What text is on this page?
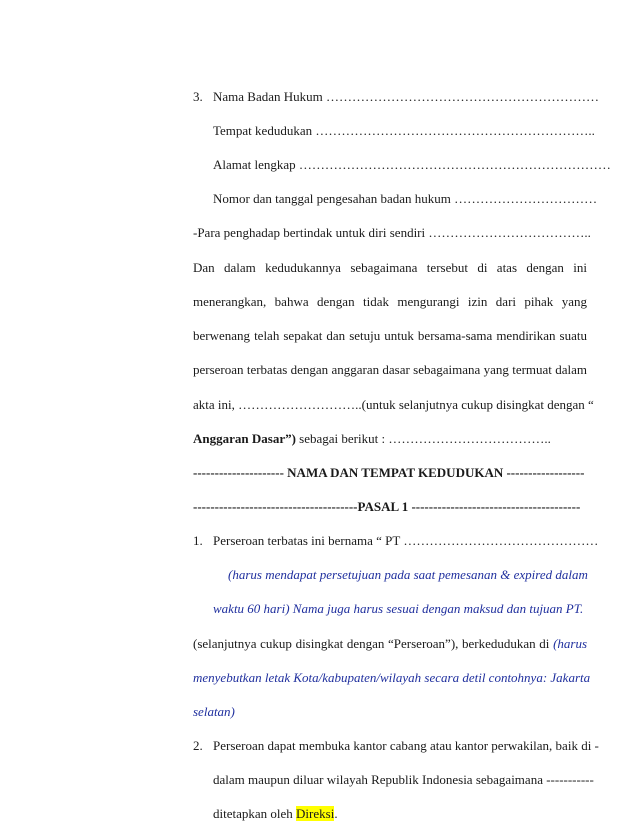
3. Nama Badan Hukum ………………………………………………………
Tempat kedudukan ………………………………………………………..
Alamat lengkap ………………………………………………………………
Nomor dan tanggal pengesahan badan hukum ……………………………
-Para penghadap bertindak untuk diri sendiri ………………………………..
Dan dalam kedudukannya sebagaimana tersebut di atas dengan ini
menerangkan, bahwa dengan tidak mengurangi izin dari pihak yang
berwenang telah sepakat dan setuju untuk bersama-sama mendirikan suatu
perseroan terbatas dengan anggaran dasar sebagaimana yang termuat dalam
akta ini, ………………………..(untuk selanjutnya cukup disingkat dengan “
Anggaran Dasar”) sebagai berikut : ………………………………..
--------------------- NAMA DAN TEMPAT KEDUDUKAN ------------------
--------------------------------------PASAL 1 ---------------------------------------
1. Perseroan terbatas ini bernama “ PT ………………………………………
(harus mendapat persetujuan pada saat pemesanan & expired dalam
waktu 60 hari) Nama juga harus sesuai dengan maksud dan tujuan PT.
(selanjutnya cukup disingkat dengan “Perseroan”), berkedudukan di (harus
menyebutkan letak Kota/kabupaten/wilayah secara detil contohnya: Jakarta
selatan)
2. Perseroan dapat membuka kantor cabang atau kantor perwakilan, baik di -
dalam maupun diluar wilayah Republik Indonesia sebagaimana -----------
ditetapkan oleh Direksi.
